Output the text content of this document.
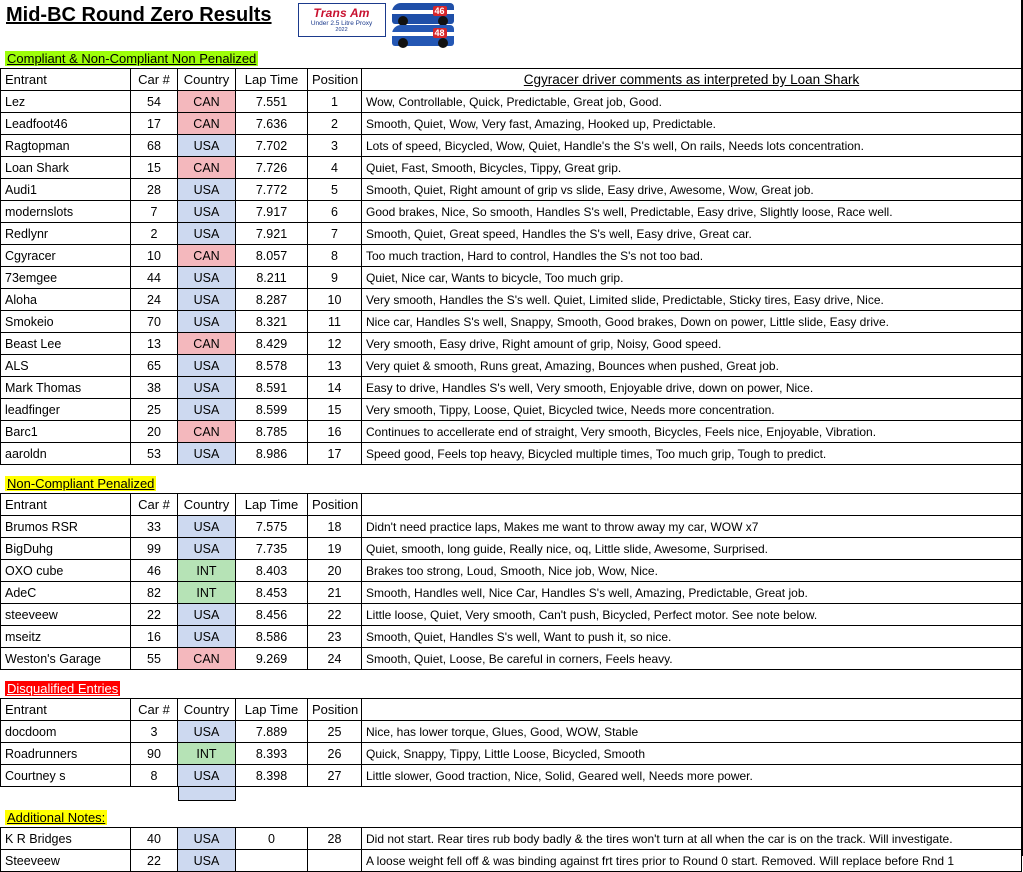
Mid-BC Round Zero Results	Trans Am
Under 2.5 Litre Proxy
2022
46
48
Compliant & Non-Compliant Non Penalized
Entrant	Car #	Country	Lap Time	Position	Cgyracer driver comments as interpreted by Loan Shark
Lez	54	CAN	7.551	1	Wow, Controllable, Quick, Predictable, Great job, Good.
Leadfoot46	17	CAN	7.636	2	Smooth, Quiet, Wow, Very fast, Amazing, Hooked up, Predictable.
Ragtopman	68	USA	7.702	3	Lots of speed, Bicycled, Wow, Quiet, Handle's the S's well, On rails, Needs lots concentration.
Loan Shark	15	CAN	7.726	4	Quiet, Fast, Smooth, Bicycles, Tippy, Great grip.
Audi1	28	USA	7.772	5	Smooth, Quiet, Right amount of grip vs slide, Easy drive, Awesome, Wow, Great job.
modernslots	7	USA	7.917	6	Good brakes, Nice, So smooth, Handles S's well, Predictable, Easy drive, Slightly loose, Race well.
Redlynr	2	USA	7.921	7	Smooth, Quiet, Great speed, Handles the S's well, Easy drive, Great car.
Cgyracer	10	CAN	8.057	8	Too much traction, Hard to control, Handles the S's not too bad.
73emgee	44	USA	8.211	9	Quiet, Nice car, Wants to bicycle, Too much grip.
Aloha	24	USA	8.287	10	Very smooth, Handles the S's well. Quiet, Limited slide, Predictable, Sticky tires, Easy drive, Nice.
Smokeio	70	USA	8.321	11	Nice car, Handles S's well, Snappy, Smooth, Good brakes, Down on power, Little slide, Easy drive.
Beast Lee	13	CAN	8.429	12	Very smooth, Easy drive, Right amount of grip, Noisy, Good speed.
ALS	65	USA	8.578	13	Very quiet & smooth, Runs great, Amazing, Bounces when pushed, Great job.
Mark Thomas	38	USA	8.591	14	Easy to drive, Handles S's well, Very smooth, Enjoyable drive, down on power, Nice.
leadfinger	25	USA	8.599	15	Very smooth, Tippy, Loose, Quiet, Bicycled twice, Needs more concentration.
Barc1	20	CAN	8.785	16	Continues to accellerate end of straight, Very smooth, Bicycles, Feels nice, Enjoyable, Vibration.
aaroldn	53	USA	8.986	17	Speed good, Feels top heavy, Bicycled multiple times, Too much grip, Tough to predict.
Non-Compliant Penalized
Entrant	Car #	Country	Lap Time	Position	
Brumos RSR	33	USA	7.575	18	Didn't need practice laps, Makes me want to throw away my car, WOW x7
BigDuhg	99	USA	7.735	19	Quiet, smooth, long guide, Really nice, oq, Little slide, Awesome, Surprised.
OXO cube	46	INT	8.403	20	Brakes too strong, Loud, Smooth, Nice job, Wow, Nice.
AdeC	82	INT	8.453	21	Smooth, Handles well, Nice Car, Handles S's well, Amazing, Predictable, Great job.
steeveew	22	USA	8.456	22	Little loose, Quiet, Very smooth, Can't push, Bicycled, Perfect motor. See note below.
mseitz	16	USA	8.586	23	Smooth, Quiet, Handles S's well, Want to push it, so nice.
Weston's Garage	55	CAN	9.269	24	Smooth, Quiet, Loose, Be careful in corners, Feels heavy.
Disqualified Entries
Entrant	Car #	Country	Lap Time	Position	
docdoom	3	USA	7.889	25	Nice, has lower torque, Glues, Good, WOW, Stable
Roadrunners	90	INT	8.393	26	Quick, Snappy, Tippy, Little Loose, Bicycled, Smooth
Courtney s	8	USA	8.398	27	Little slower, Good traction, Nice, Solid, Geared well, Needs more power.
Additional Notes:
K R Bridges	40	USA	0	28	Did not start. Rear tires rub body badly & the tires won't turn at all when the car is on the track. Will investigate.
Steeveew	22	USA			A loose weight fell off & was binding against frt tires prior to Round 0 start. Removed. Will replace before Rnd 1
